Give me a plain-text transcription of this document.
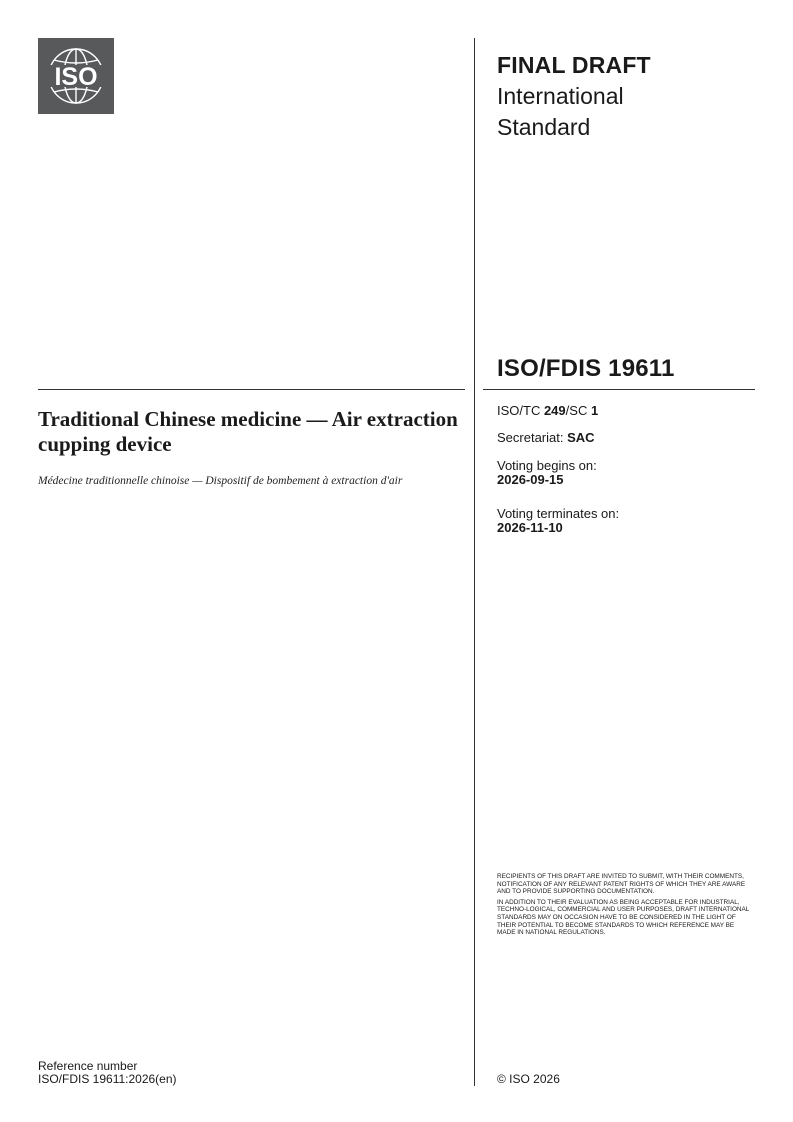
ISO	FINAL DRAFT
International
Standard
ISO/FDIS 19611
Traditional Chinese medicine — Air extraction cupping device

Médecine traditionnelle chinoise — Dispositif de bombement à extraction d'air

ISO/TC 249/SC 1
Secretariat: SAC
Voting begins on:
2026-09-15
Voting terminates on:
2026-11-10

RECIPIENTS OF THIS DRAFT ARE INVITED TO SUBMIT, WITH THEIR COMMENTS, NOTIFICATION OF ANY RELEVANT PATENT RIGHTS OF WHICH THEY ARE AWARE AND TO PROVIDE SUPPORTING DOCUMENTATION.

IN ADDITION TO THEIR EVALUATION AS BEING ACCEPTABLE FOR INDUSTRIAL, TECHNO-LOGICAL, COMMERCIAL AND USER PURPOSES, DRAFT INTERNATIONAL STANDARDS MAY ON OCCASION HAVE TO BE CONSIDERED IN THE LIGHT OF THEIR POTENTIAL TO BECOME STANDARDS TO WHICH REFERENCE MAY BE MADE IN NATIONAL REGULATIONS.

Reference number
ISO/FDIS 19611:2026(en)	© ISO 2026
